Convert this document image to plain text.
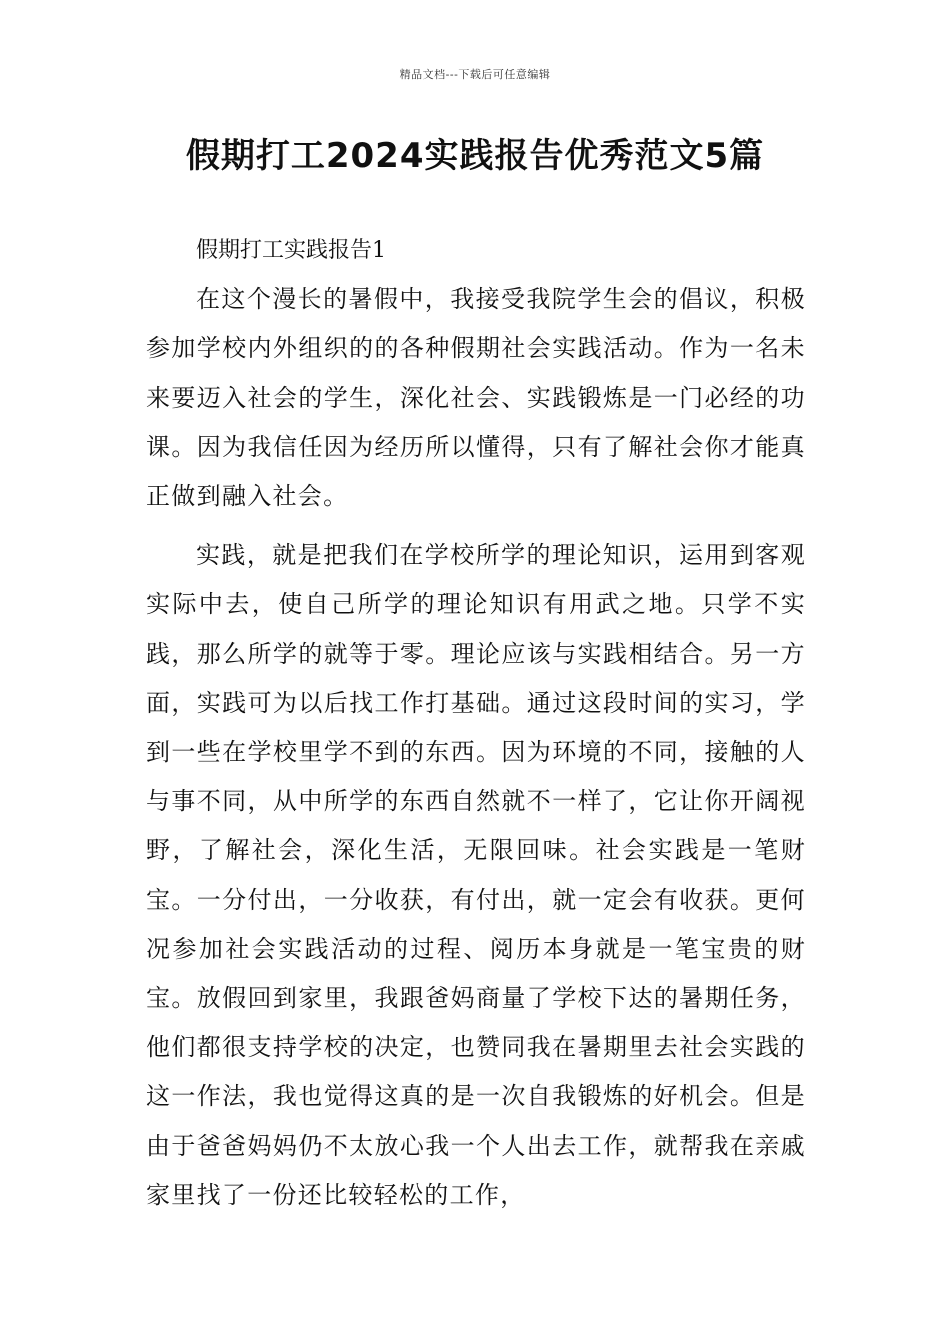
精品文档---下载后可任意编辑
假期打工2024实践报告优秀范文5篇

假期打工实践报告1

在这个漫长的暑假中，我接受我院学生会的倡议，积极参加学校内外组织的的各种假期社会实践活动。作为一名未来要迈入社会的学生，深化社会、实践锻炼是一门必经的功课。因为我信任因为经历所以懂得，只有了解社会你才能真正做到融入社会。

实践，就是把我们在学校所学的理论知识，运用到客观实际中去，使自己所学的理论知识有用武之地。只学不实践，那么所学的就等于零。理论应该与实践相结合。另一方面，实践可为以后找工作打基础。通过这段时间的实习，学到一些在学校里学不到的东西。因为环境的不同，接触的人与事不同，从中所学的东西自然就不一样了，它让你开阔视野，了解社会，深化生活，无限回味。社会实践是一笔财宝。一分付出，一分收获，有付出，就一定会有收获。更何况参加社会实践活动的过程、阅历本身就是一笔宝贵的财宝。放假回到家里，我跟爸妈商量了学校下达的暑期任务，他们都很支持学校的决定，也赞同我在暑期里去社会实践的这一作法，我也觉得这真的是一次自我锻炼的好机会。但是由于爸爸妈妈仍不太放心我一个人出去工作，就帮我在亲戚家里找了一份还比较轻松的工作，
